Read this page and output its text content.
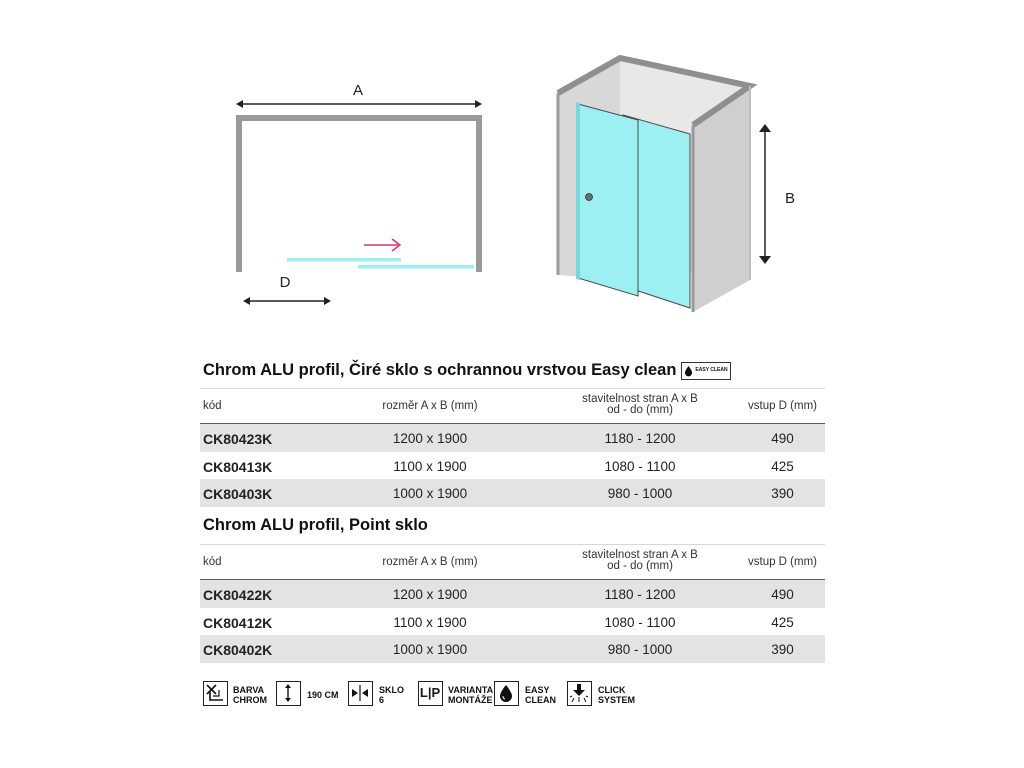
A
D
B
Chrom ALU profil, Čiré sklo s ochrannou vrstvou Easy clean	EASY CLEAN
kód	rozměr A x B (mm)
stavitelnost stran A x B
od - do (mm)	vstup D (mm)
CK80423K	1200 x 1900	1180 - 1200	490
CK80413K	1100 x 1900	1080 - 1100	425
CK80403K	1000 x 1900	980 - 1000	390
Chrom ALU profil, Point sklo
kód	rozměr A x B (mm)
stavitelnost stran A x B
od - do (mm)	vstup D (mm)
CK80422K	1200 x 1900	1180 - 1200	490
CK80412K	1100 x 1900	1080 - 1100	425
CK80402K	1000 x 1900	980 - 1000	390
BARVA
CHROM	190 CM	SKLO
6	L|P VARIANTA
MONTÁŽE
EASY
CLEAN
CLICK
SYSTEM
